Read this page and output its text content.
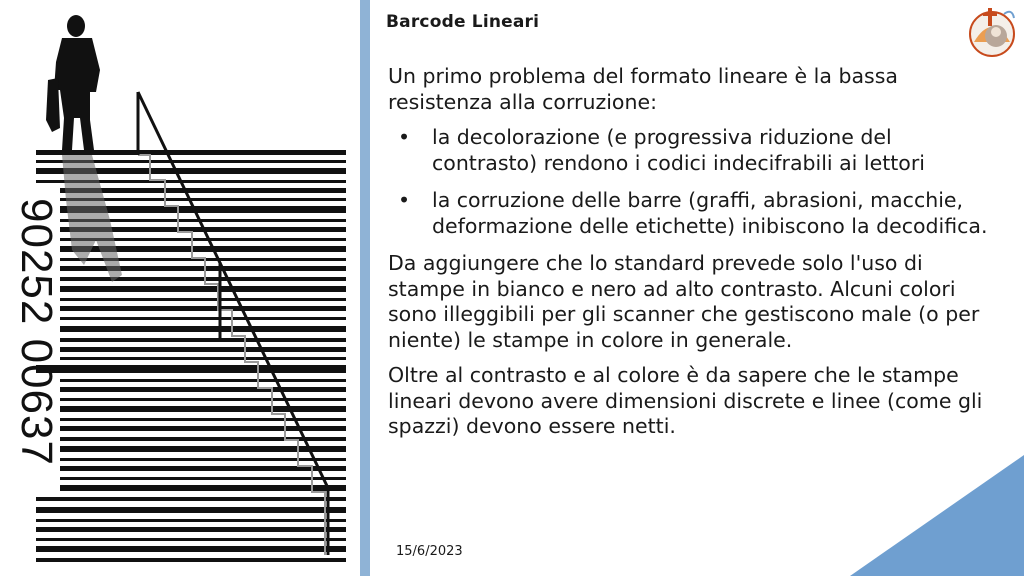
90252 00637
Barcode Lineari

Un primo problema del formato lineare è la bassa resistenza alla corruzione:

• la decolorazione (e progressiva riduzione del contrasto) rendono i codici indecifrabili ai lettori
• la corruzione delle barre (graffi, abrasioni, macchie, deformazione delle etichette) inibiscono la decodifica.

Da aggiungere che lo standard prevede solo l'uso di stampe in bianco e nero ad alto contrasto. Alcuni colori sono illeggibili per gli scanner che gestiscono male (o per niente) le stampe in colore in generale.

Oltre al contrasto e al colore è da sapere che le stampe lineari devono avere dimensioni discrete e linee (come gli spazzi) devono essere netti.

15/6/2023
